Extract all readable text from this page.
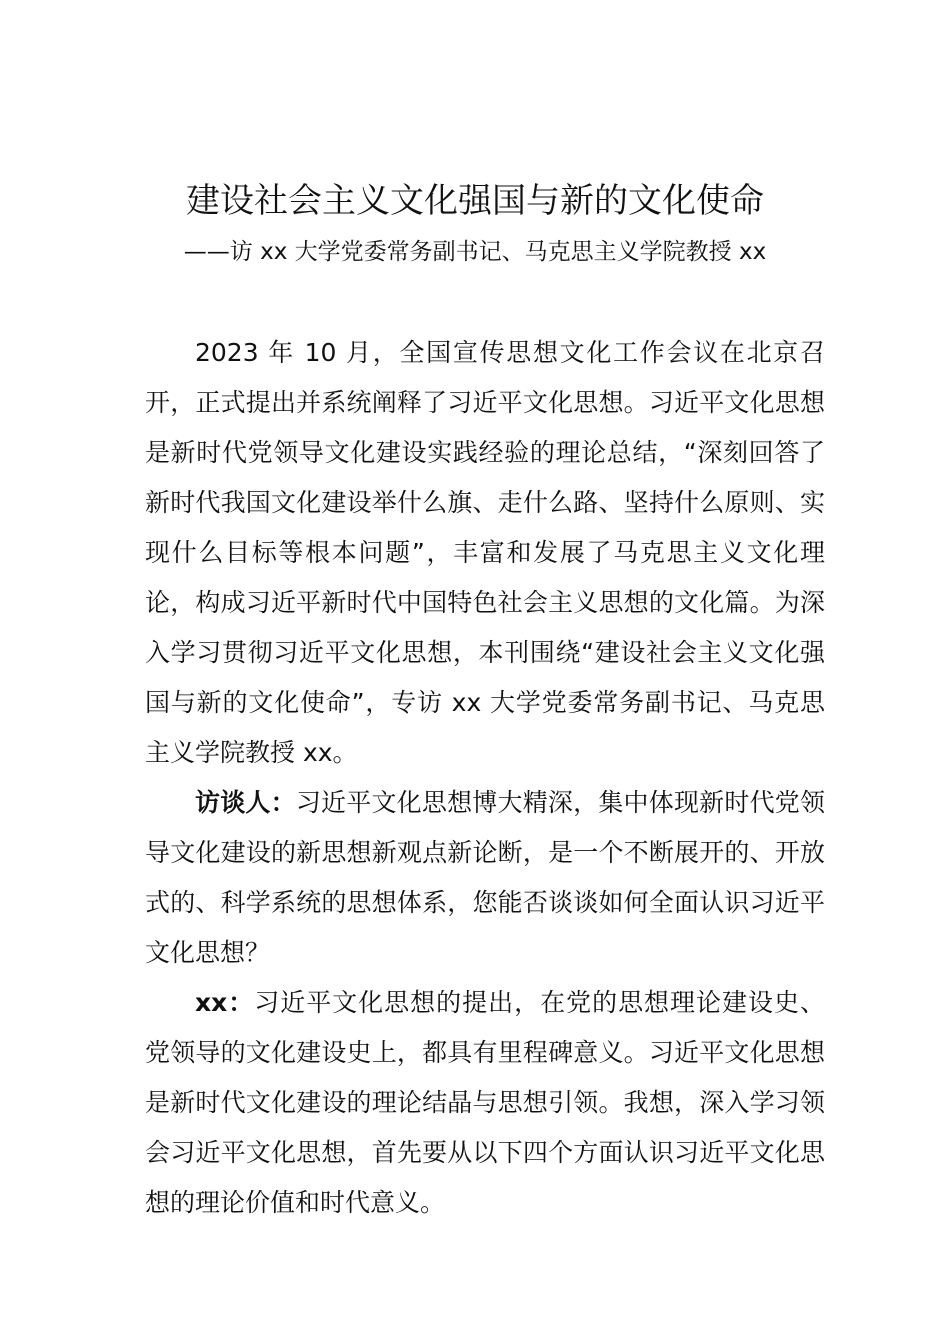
建设社会主义文化强国与新的文化使命
——访 xx 大学党委常务副书记、马克思主义学院教授 xx

2023 年 10 月，全国宣传思想文化工作会议在北京召开，正式提出并系统阐释了习近平文化思想。习近平文化思想是新时代党领导文化建设实践经验的理论总结，“深刻回答了新时代我国文化建设举什么旗、走什么路、坚持什么原则、实现什么目标等根本问题”，丰富和发展了马克思主义文化理论，构成习近平新时代中国特色社会主义思想的文化篇。为深入学习贯彻习近平文化思想，本刊围绕“建设社会主义文化强国与新的文化使命”，专访 xx 大学党委常务副书记、马克思主义学院教授 xx。

访谈人：习近平文化思想博大精深，集中体现新时代党领导文化建设的新思想新观点新论断，是一个不断展开的、开放式的、科学系统的思想体系，您能否谈谈如何全面认识习近平文化思想？

xx：习近平文化思想的提出，在党的思想理论建设史、党领导的文化建设史上，都具有里程碑意义。习近平文化思想是新时代文化建设的理论结晶与思想引领。我想，深入学习领会习近平文化思想，首先要从以下四个方面认识习近平文化思想的理论价值和时代意义。
